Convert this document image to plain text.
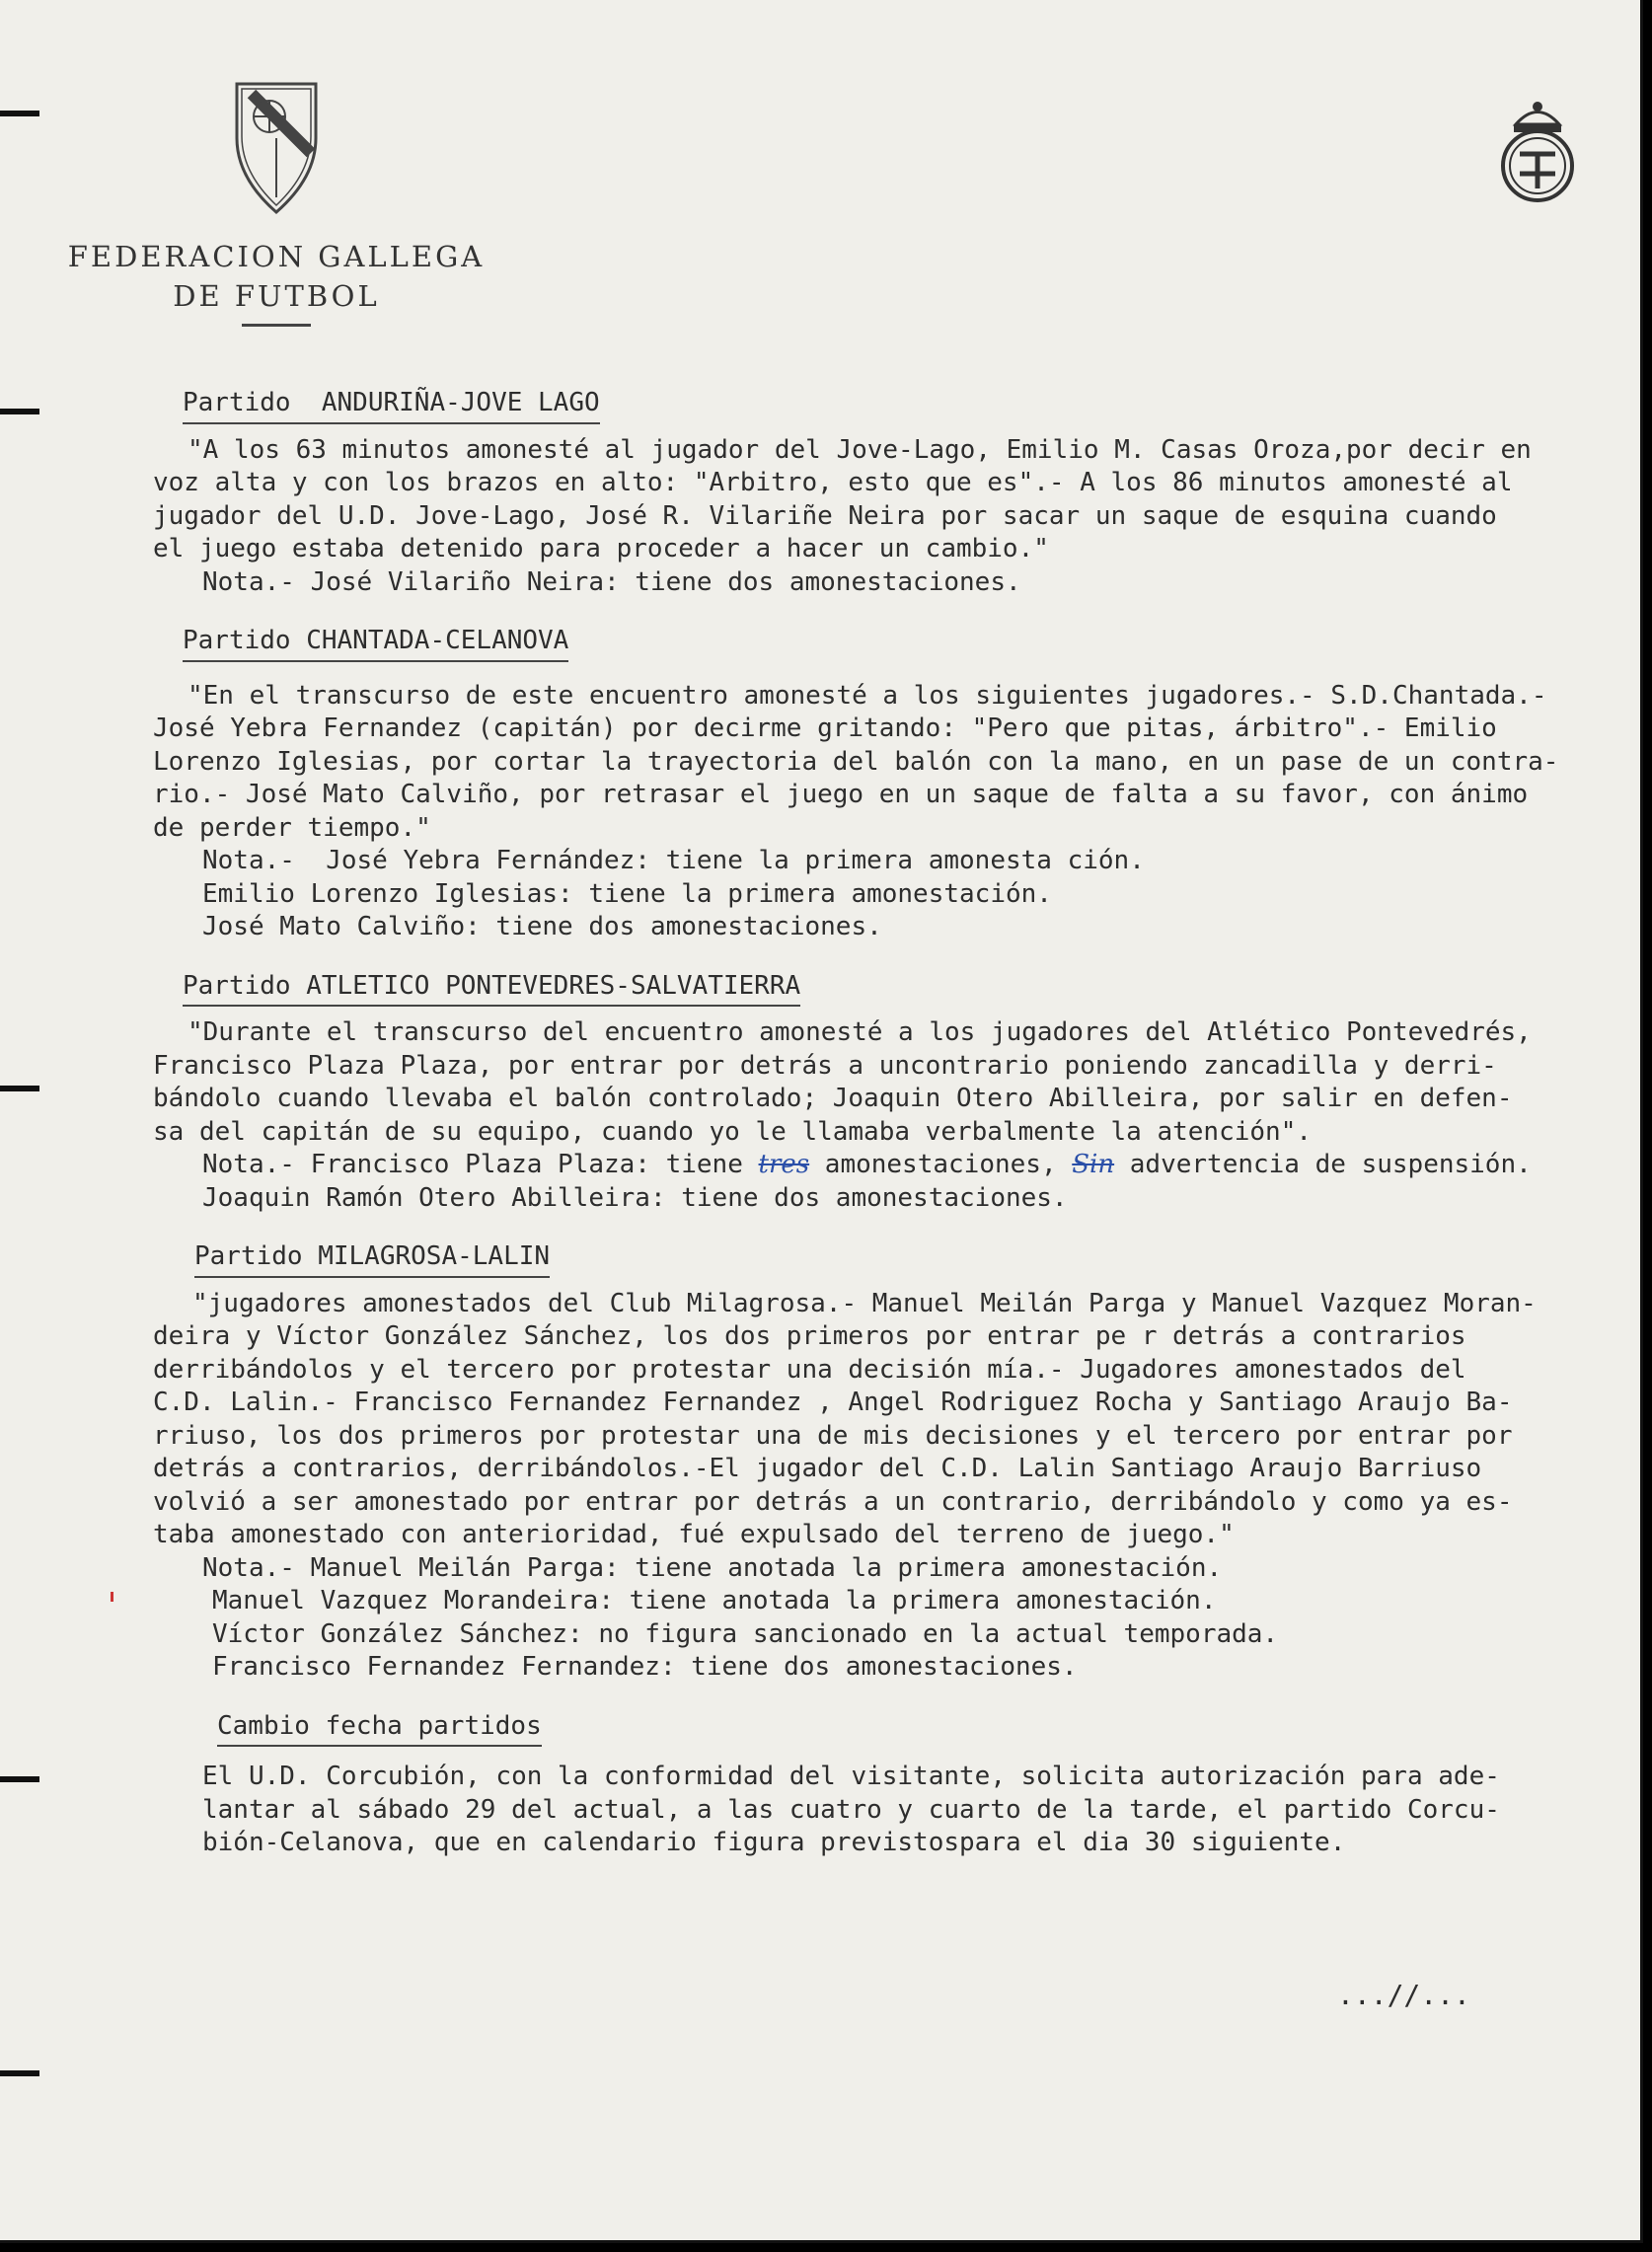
FEDERACION GALLEGA

DE FUTBOL

Partido  ANDURIÑA-JOVE LAGO
"A los 63 minutos amonesté al jugador del Jove-Lago, Emilio M. Casas Oroza,por decir en
voz alta y con los brazos en alto: "Arbitro, esto que es".- A los 86 minutos amonesté al
jugador del U.D. Jove-Lago, José R. Vilariñe Neira por sacar un saque de esquina cuando
el juego estaba detenido para proceder a hacer un cambio."
Nota.- José Vilariño Neira: tiene dos amonestaciones.
Partido CHANTADA-CELANOVA
"En el transcurso de este encuentro amonesté a los siguientes jugadores.- S.D.Chantada.-
José Yebra Fernandez (capitán) por decirme gritando: "Pero que pitas, árbitro".- Emilio
Lorenzo Iglesias, por cortar la trayectoria del balón con la mano, en un pase de un contra-
rio.- José Mato Calviño, por retrasar el juego en un saque de falta a su favor, con ánimo
de perder tiempo."
Nota.-  José Yebra Fernández: tiene la primera amonesta ción.
Emilio Lorenzo Iglesias: tiene la primera amonestación.
José Mato Calviño: tiene dos amonestaciones.
Partido ATLETICO PONTEVEDRES-SALVATIERRA
"Durante el transcurso del encuentro amonesté a los jugadores del Atlético Pontevedrés,
Francisco Plaza Plaza, por entrar por detrás a uncontrario poniendo zancadilla y derri-
bándolo cuando llevaba el balón controlado; Joaquin Otero Abilleira, por salir en defen-
sa del capitán de su equipo, cuando yo le llamaba verbalmente la atención".
Nota.- Francisco Plaza Plaza: tiene tres amonestaciones, Sin advertencia de suspensión.
Joaquin Ramón Otero Abilleira: tiene dos amonestaciones.
Partido MILAGROSA-LALIN
"jugadores amonestados del Club Milagrosa.- Manuel Meilán Parga y Manuel Vazquez Moran-
deira y Víctor González Sánchez, los dos primeros por entrar pe r detrás a contrarios
derribándolos y el tercero por protestar una decisión mía.- Jugadores amonestados del
C.D. Lalin.- Francisco Fernandez Fernandez , Angel Rodriguez Rocha y Santiago Araujo Ba-
rriuso, los dos primeros por protestar una de mis decisiones y el tercero por entrar por
detrás a contrarios, derribándolos.-El jugador del C.D. Lalin Santiago Araujo Barriuso
volvió a ser amonestado por entrar por detrás a un contrario, derribándolo y como ya es-
taba amonestado con anterioridad, fué expulsado del terreno de juego."
Nota.- Manuel Meilán Parga: tiene anotada la primera amonestación.
Manuel Vazquez Morandeira: tiene anotada la primera amonestación.
Víctor González Sánchez: no figura sancionado en la actual temporada.
Francisco Fernandez Fernandez: tiene dos amonestaciones.
Cambio fecha partidos
El U.D. Corcubión, con la conformidad del visitante, solicita autorización para ade-
lantar al sábado 29 del actual, a las cuatro y cuarto de la tarde, el partido Corcu-
bión-Celanova, que en calendario figura previstospara el dia 30 siguiente.
...//...
